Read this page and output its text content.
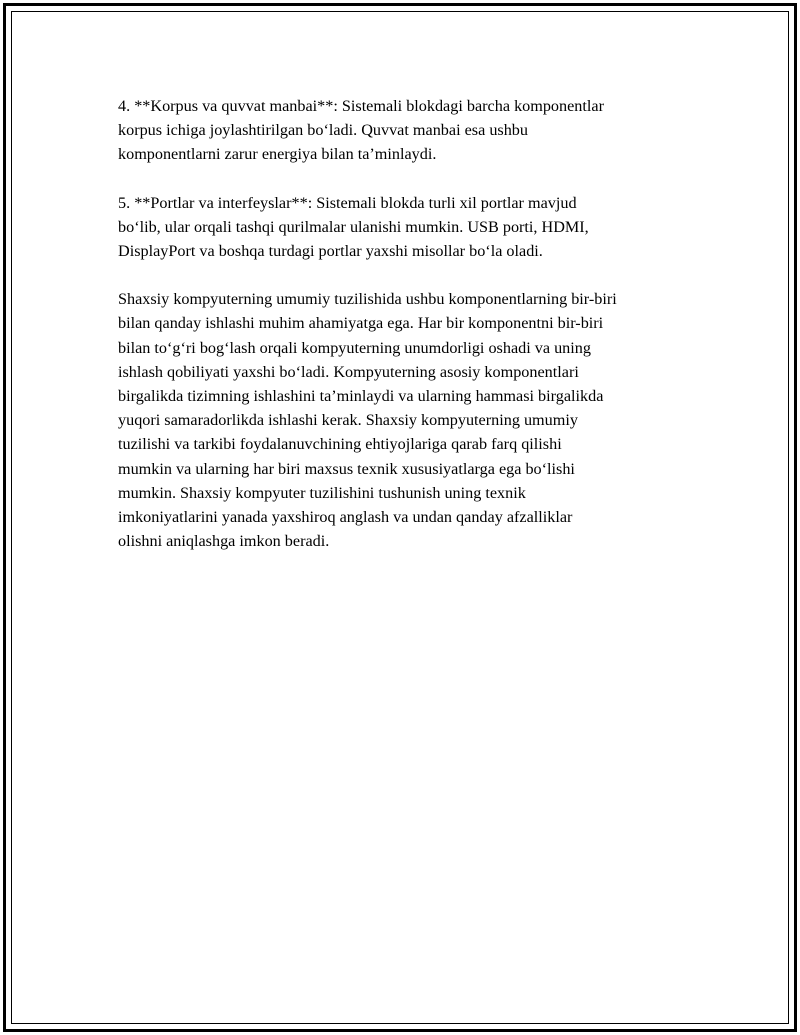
4. **Korpus va quvvat manbai**: Sistemali blokdagi barcha komponentlar
korpus ichiga joylashtirilgan bo‘ladi. Quvvat manbai esa ushbu
komponentlarni zarur energiya bilan ta’minlaydi.

5. **Portlar va interfeyslar**: Sistemali blokda turli xil portlar mavjud
bo‘lib, ular orqali tashqi qurilmalar ulanishi mumkin. USB porti, HDMI,
DisplayPort va boshqa turdagi portlar yaxshi misollar bo‘la oladi.

Shaxsiy kompyuterning umumiy tuzilishida ushbu komponentlarning bir-biri
bilan qanday ishlashi muhim ahamiyatga ega. Har bir komponentni bir-biri
bilan to‘g‘ri bog‘lash orqali kompyuterning unumdorligi oshadi va uning
ishlash qobiliyati yaxshi bo‘ladi. Kompyuterning asosiy komponentlari
birgalikda tizimning ishlashini ta’minlaydi va ularning hammasi birgalikda
yuqori samaradorlikda ishlashi kerak. Shaxsiy kompyuterning umumiy
tuzilishi va tarkibi foydalanuvchining ehtiyojlariga qarab farq qilishi
mumkin va ularning har biri maxsus texnik xususiyatlarga ega bo‘lishi
mumkin. Shaxsiy kompyuter tuzilishini tushunish uning texnik
imkoniyatlarini yanada yaxshiroq anglash va undan qanday afzalliklar
olishni aniqlashga imkon beradi.
